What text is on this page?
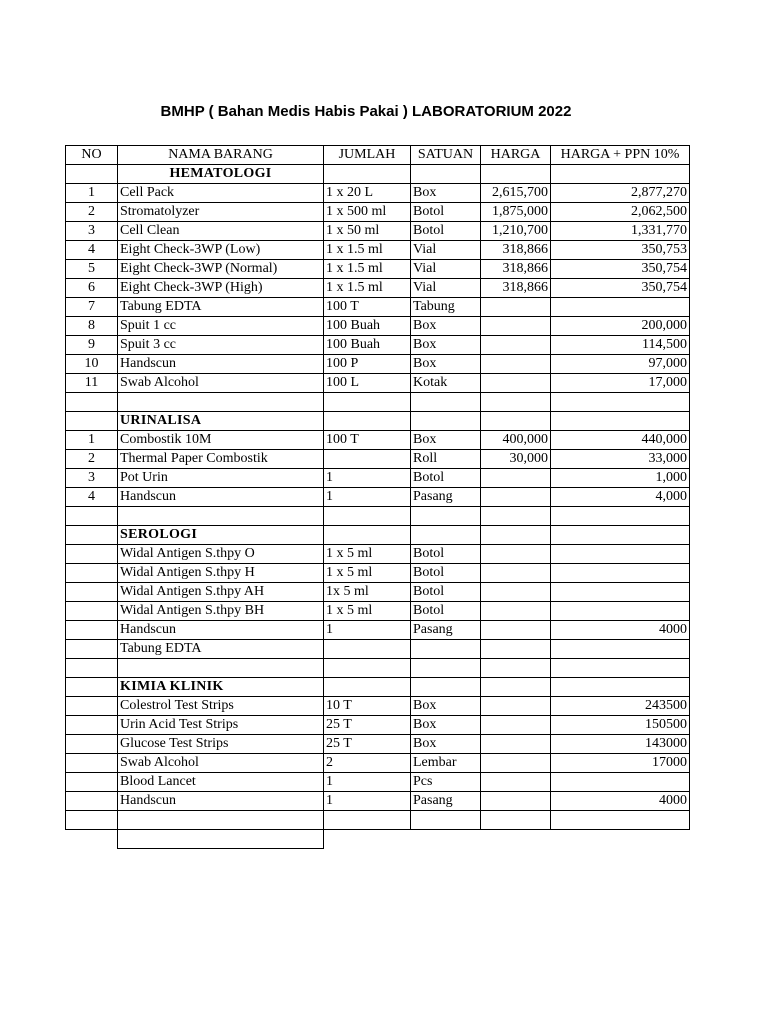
BMHP ( Bahan Medis Habis Pakai ) LABORATORIUM 2022
NO	NAMA BARANG	JUMLAH	SATUAN	HARGA	HARGA + PPN 10%
	HEMATOLOGI				
1	Cell Pack	1 x 20 L	Box	2,615,700	2,877,270
2	Stromatolyzer	1 x 500 ml	Botol	1,875,000	2,062,500
3	Cell Clean	1 x 50 ml	Botol	1,210,700	1,331,770
4	Eight Check-3WP (Low)	1 x 1.5 ml	Vial	318,866	350,753
5	Eight Check-3WP (Normal)	1 x 1.5 ml	Vial	318,866	350,754
6	Eight Check-3WP (High)	1 x 1.5 ml	Vial	318,866	350,754
7	Tabung EDTA	100 T	Tabung		
8	Spuit 1 cc	100 Buah	Box		200,000
9	Spuit 3 cc	100 Buah	Box		114,500
10	Handscun	100 P	Box		97,000
11	Swab Alcohol	100 L	Kotak		17,000

	URINALISA				
1	Combostik 10M	100 T	Box	400,000	440,000
2	Thermal Paper Combostik		Roll	30,000	33,000
3	Pot Urin	1	Botol		1,000
4	Handscun	1	Pasang		4,000

	SEROLOGI				
	Widal Antigen S.thpy O	1 x 5 ml	Botol		
	Widal Antigen S.thpy H	1 x 5 ml	Botol		
	Widal Antigen S.thpy AH	1x 5 ml	Botol		
	Widal Antigen S.thpy BH	1 x 5 ml	Botol		
	Handscun	1	Pasang		4000
	Tabung EDTA				

	KIMIA KLINIK				
	Colestrol Test Strips	10 T	Box		243500
	Urin Acid Test Strips	25 T	Box		150500
	Glucose Test Strips	25 T	Box		143000
	Swab Alcohol	2	Lembar		17000
	Blood Lancet	1	Pcs		
	Handscun	1	Pasang		4000
